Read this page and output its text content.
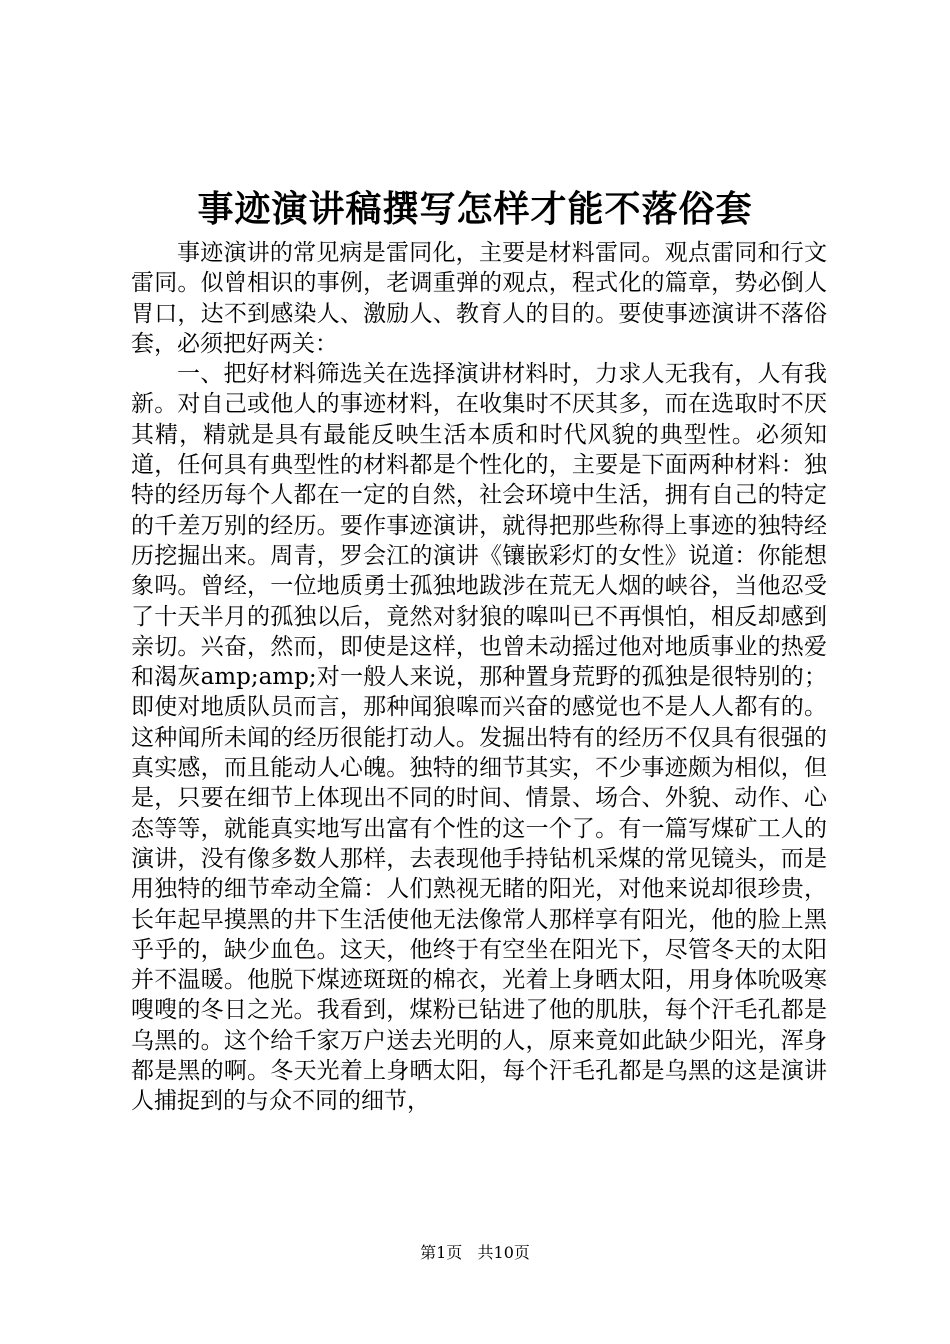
事迹演讲稿撰写怎样才能不落俗套

事迹演讲的常见病是雷同化，主要是材料雷同。观点雷同和行文雷同。似曾相识的事例，老调重弹的观点，程式化的篇章，势必倒人胃口，达不到感染人、激励人、教育人的目的。要使事迹演讲不落俗套，必须把好两关：

一、把好材料筛选关在选择演讲材料时，力求人无我有，人有我新。对自己或他人的事迹材料，在收集时不厌其多，而在选取时不厌其精，精就是具有最能反映生活本质和时代风貌的典型性。必须知道，任何具有典型性的材料都是个性化的，主要是下面两种材料：独特的经历每个人都在一定的自然，社会环境中生活，拥有自己的特定的千差万别的经历。要作事迹演讲，就得把那些称得上事迹的独特经历挖掘出来。周青，罗会江的演讲《镶嵌彩灯的女性》说道：你能想象吗。曾经，一位地质勇士孤独地跋涉在荒无人烟的峡谷，当他忍受了十天半月的孤独以后，竟然对豺狼的嗥叫已不再惧怕，相反却感到亲切。兴奋，然而，即使是这样，也曾未动摇过他对地质事业的热爱和渴灰amp;amp;对一般人来说，那种置身荒野的孤独是很特别的；即使对地质队员而言，那种闻狼嗥而兴奋的感觉也不是人人都有的。这种闻所未闻的经历很能打动人。发掘出特有的经历不仅具有很强的真实感，而且能动人心魄。独特的细节其实，不少事迹颇为相似，但是，只要在细节上体现出不同的时间、情景、场合、外貌、动作、心态等等，就能真实地写出富有个性的这一个了。有一篇写煤矿工人的演讲，没有像多数人那样，去表现他手持钻机采煤的常见镜头，而是用独特的细节牵动全篇：人们熟视无睹的阳光，对他来说却很珍贵，长年起早摸黑的井下生活使他无法像常人那样享有阳光，他的脸上黑乎乎的，缺少血色。这天，他终于有空坐在阳光下，尽管冬天的太阳并不温暖。他脱下煤迹斑斑的棉衣，光着上身晒太阳，用身体吮吸寒嗖嗖的冬日之光。我看到，煤粉已钻进了他的肌肤，每个汗毛孔都是乌黑的。这个给千家万户送去光明的人，原来竟如此缺少阳光，浑身都是黑的啊。冬天光着上身晒太阳，每个汗毛孔都是乌黑的这是演讲人捕捉到的与众不同的细节，

第1页 共10页
